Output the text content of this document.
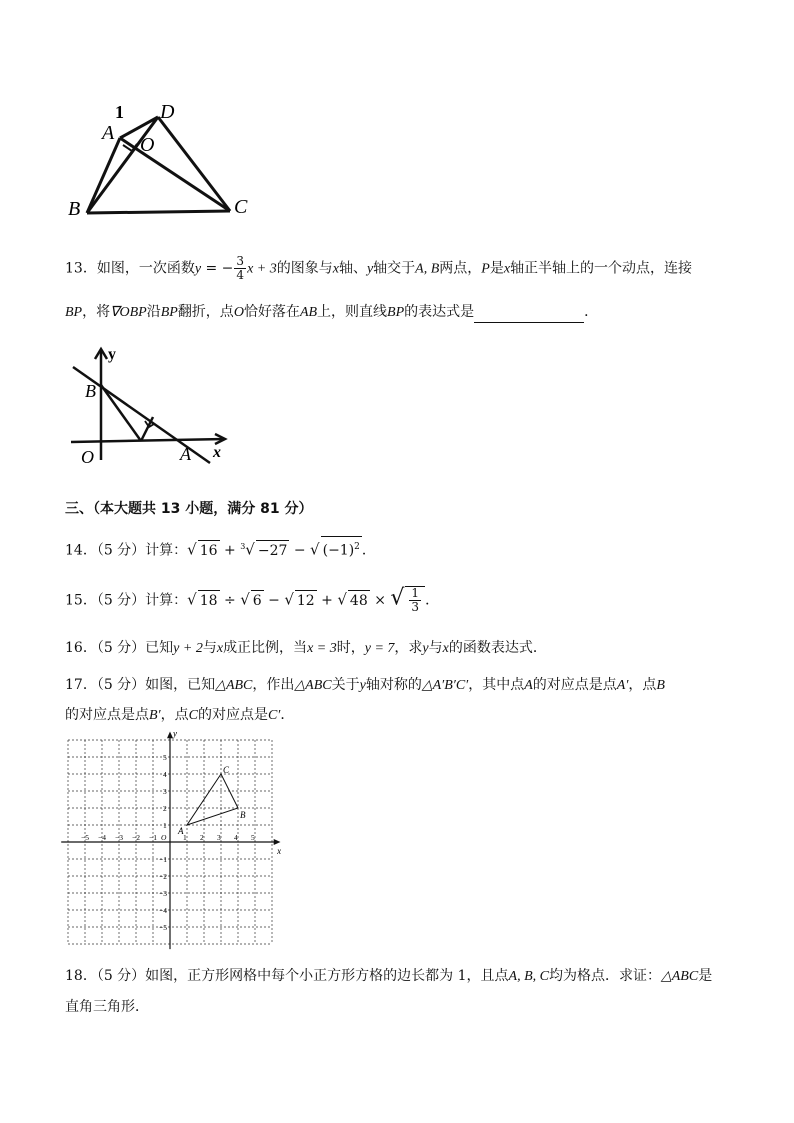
A
1 D
O
B	C
13．如图，一次函数y = − $\frac{3}{4}$ x + 3的图象与x轴、y轴交于A, B两点，P是x轴正半轴上的一个动点，连接
BP，将∇OBP沿BP翻折，点O恰好落在AB上，则直线BP的表达式是	．
y
x
B
O	A
三、（本大题共 13 小题，满分 81 分）
14．（5 分）计算：√ 16 + $^3$√ −27 − √ $(-1)^2$ ．
15．（5 分）计算：√ 18 ÷ √ 6 − √ 12 + √ 48 × √ $\frac{1}{3}$ ．
16．（5 分）已知y + 2与x成正比例，当x = 3时，y = 7，求y与x的函数表达式．
17．（5 分）如图，已知△ABC，作出△ABC关于y轴对称的△A′B′C′，其中点A的对应点是点A′，点B
的对应点是点B′，点C的对应点是C′．
x
y
−5 −4 −3 −2 −1 O 1 2 3 4 5
5
4
3
2
1
−1
−2
−3
−4
−5
A
B
C
18．（5 分）如图，正方形网格中每个小正方形方格的边长都为 1，且点A, B, C均为格点．求证：△ABC是
直角三角形．
